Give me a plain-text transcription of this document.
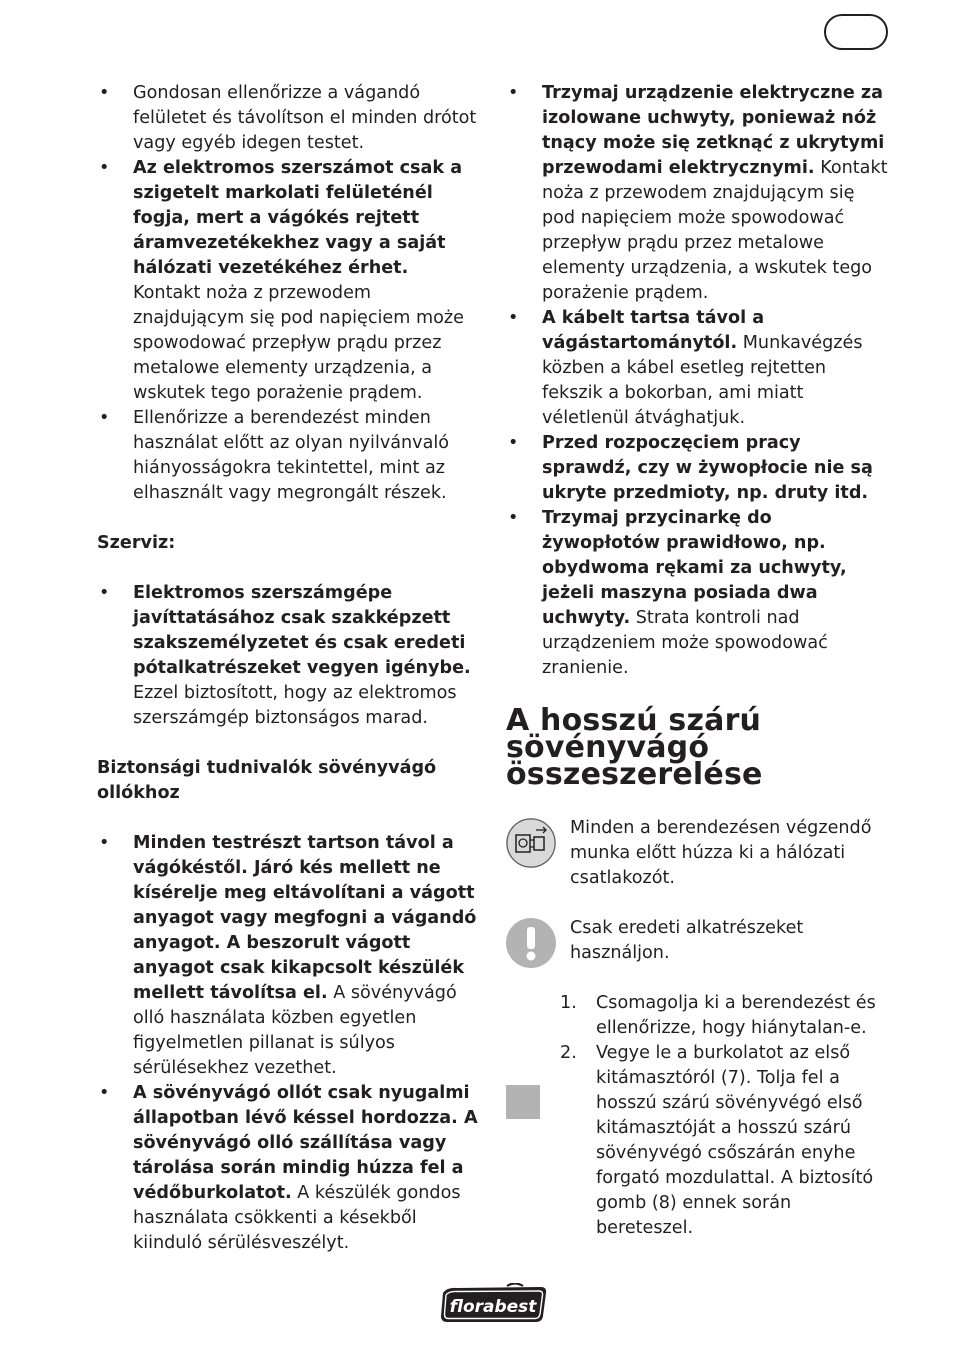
• Gondosan ellenőrizze a vágandó felületet és távolítson el minden drótot vagy egyéb idegen testet.
• Az elektromos szerszámot csak a szigetelt markolati felületénél fogja, mert a vágókés rejtett áramvezetékekhez vagy a saját hálózati vezetékéhez érhet. Kontakt noża z przewodem znajdującym się pod napięciem może spowodować przepływ prądu przez metalowe elementy urządzenia, a wskutek tego porażenie prądem.
• Ellenőrizze a berendezést minden használat előtt az olyan nyilvánvaló hiányosságokra tekintettel, mint az elhasznált vagy megrongált részek.
Szerviz:
• Elektromos szerszámgépe javíttatásához csak szakképzett szakszemélyzetet és csak eredeti pótalkatrészeket vegyen igénybe. Ezzel biztosított, hogy az elektromos szerszámgép biztonságos marad.
Biztonsági tudnivalók sövényvágó ollókhoz
• Minden testrészt tartson távol a vágókéstől. Járó kés mellett ne kísérelje meg eltávolítani a vágott anyagot vagy megfogni a vágandó anyagot. A beszorult vágott anyagot csak kikapcsolt készülék mellett távolítsa el. A sövényvágó olló használata közben egyetlen figyelmetlen pillanat is súlyos sérülésekhez vezethet.
• A sövényvágó ollót csak nyugalmi állapotban lévő késsel hordozza. A sövényvágó olló szállítása vagy tárolása során mindig húzza fel a védőburkolatot. A készülék gondos használata csökkenti a késekből kiinduló sérülésveszélyt.
• Trzymaj urządzenie elektryczne za izolowane uchwyty, ponieważ nóż tnący może się zetknąć z ukrytymi przewodami elektrycznymi. Kontakt noża z przewodem znajdującym się pod napięciem może spowodować przepływ prądu przez metalowe elementy urządzenia, a wskutek tego porażenie prądem.
• A kábelt tartsa távol a vágástartománytól. Munkavégzés közben a kábel esetleg rejtetten fekszik a bokorban, ami miatt véletlenül átvághatjuk.
• Przed rozpoczęciem pracy sprawdź, czy w żywopłocie nie są ukryte przedmioty, np. druty itd.
• Trzymaj przycinarkę do żywopłotów prawidłowo, np. obydwoma rękami za uchwyty, jeżeli maszyna posiada dwa uchwyty. Strata kontroli nad urządzeniem może spowodować zranienie.
A hosszú szárú sövényvágó összeszerelése
Minden a berendezésen végzendő munka előtt húzza ki a hálózati csatlakozót.
Csak eredeti alkatrészeket használjon.
1. Csomagolja ki a berendezést és ellenőrizze, hogy hiánytalan-e.
2. Vegye le a burkolatot az első kitámasztóról (7). Tolja fel a hosszú szárú sövényvégó első kitámasztóját a hosszú szárú sövényvégó csőszárán enyhe forgató mozdulattal. A biztosító gomb (8) ennek során bereteszel.
florabest
